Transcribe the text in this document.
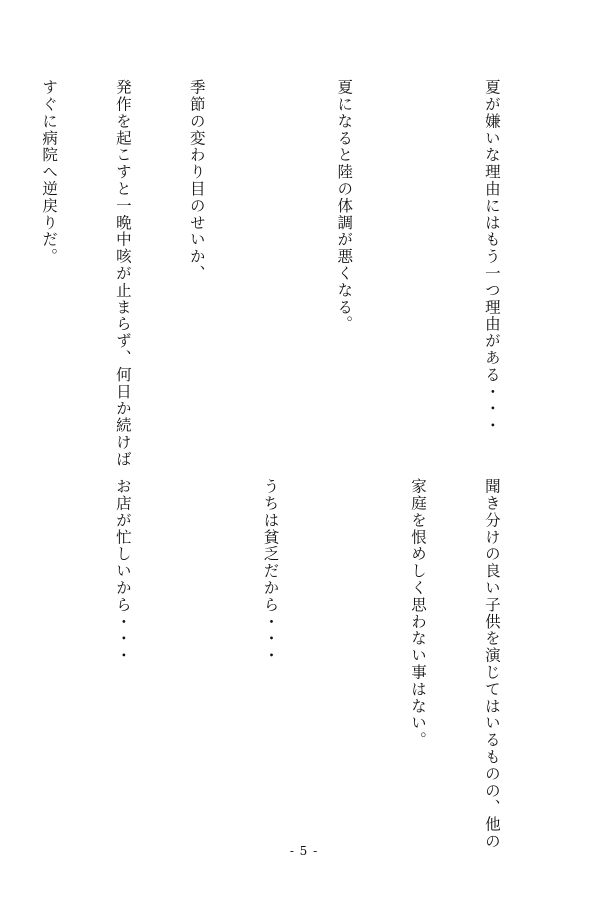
夏が嫌いな理由にはもう一つ理由がある・・・

夏になると陸の体調が悪くなる。

季節の変わり目のせいか、

発作を起こすと一晩中咳が止まらず、何日か続けば

すぐに病院へ逆戻りだ。

聞き分けの良い子供を演じてはいるものの、他の

家庭を恨めしく思わない事はない。

うちは貧乏だから・・・

お店が忙しいから・・・

- 5 -
